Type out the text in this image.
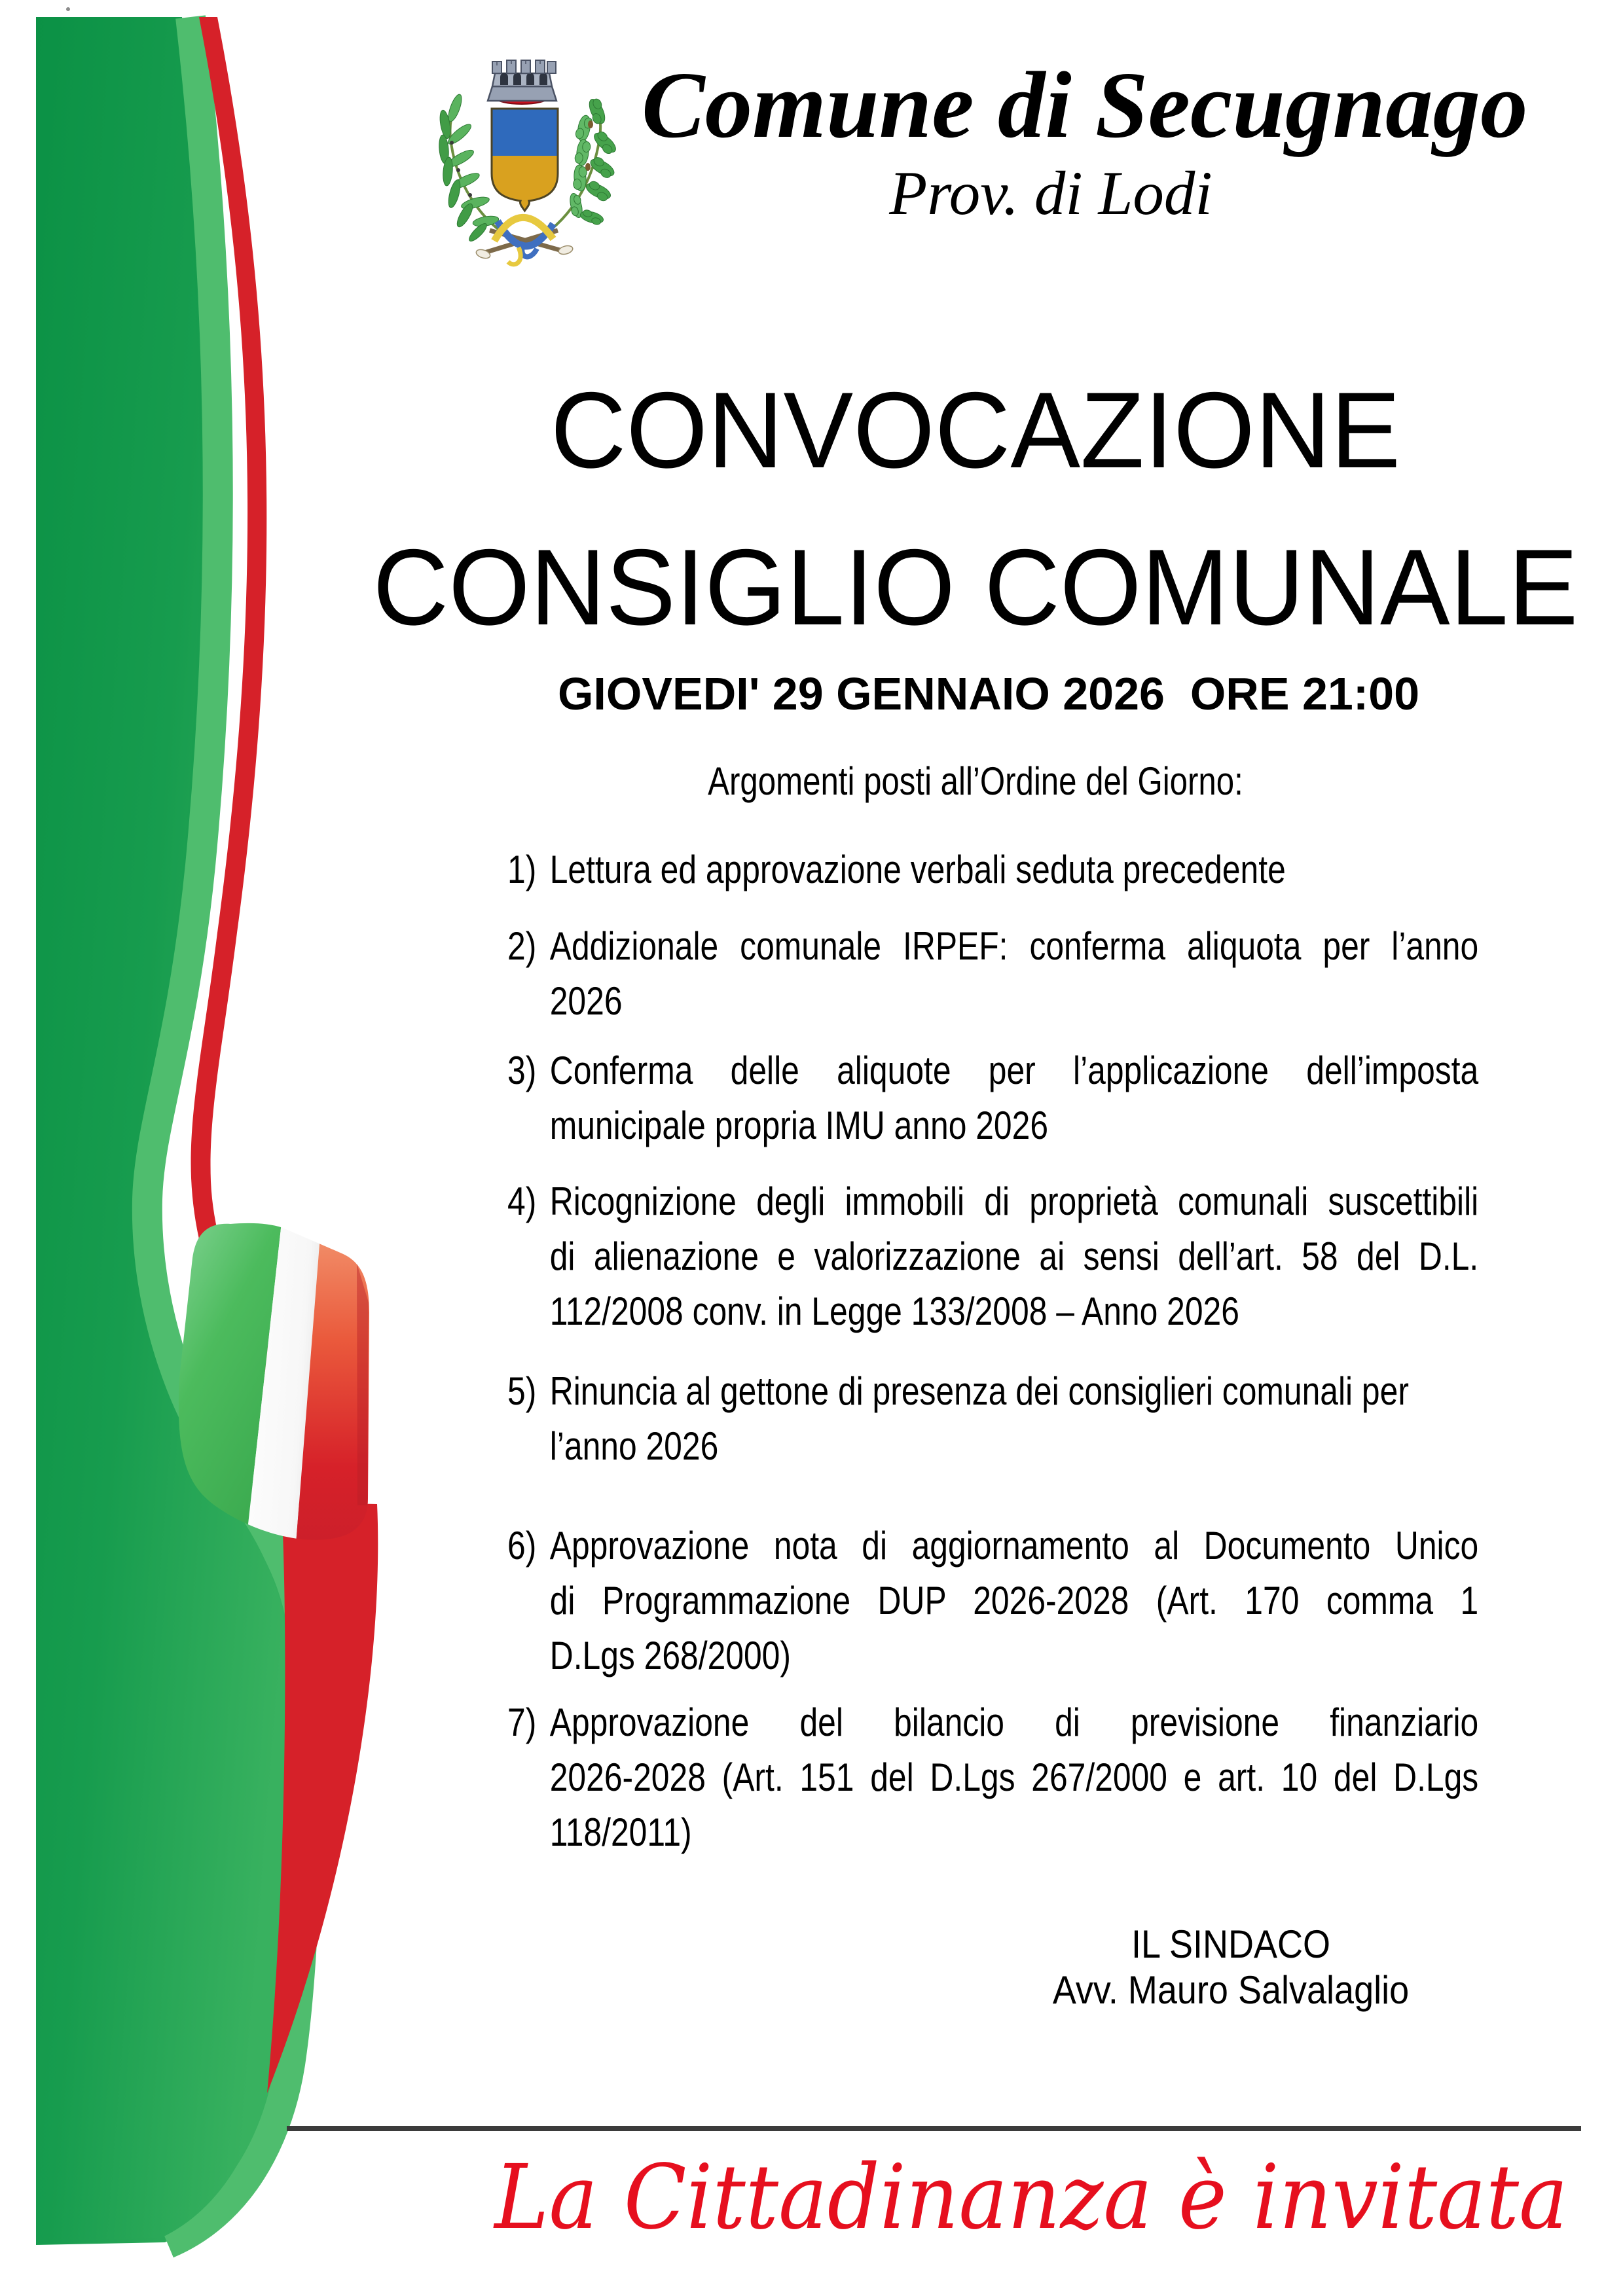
Comune di Secugnago
Prov. di Lodi
CONVOCAZIONE
CONSIGLIO COMUNALE
GIOVEDI' 29 GENNAIO 2026  ORE 21:00
Argomenti posti all’Ordine del Giorno:
1) Lettura ed approvazione verbali seduta precedente
2) Addizionale comunale IRPEF: conferma aliquota per l’anno
2026
3) Conferma delle aliquote per l’applicazione dell’imposta
municipale propria IMU anno 2026
4) Ricognizione degli immobili di proprietà comunali suscettibili
di alienazione e valorizzazione ai sensi dell’art. 58 del D.L.
112/2008 conv. in Legge 133/2008 – Anno 2026
5) Rinuncia al gettone di presenza dei consiglieri comunali per
l’anno 2026
6) Approvazione nota di aggiornamento al Documento Unico
di Programmazione DUP 2026-2028 (Art. 170 comma 1
D.Lgs 268/2000)
7) Approvazione del bilancio di previsione finanziario
2026-2028 (Art. 151 del D.Lgs 267/2000 e art. 10 del D.Lgs
118/2011)
IL SINDACO
Avv. Mauro Salvalaglio
La Cittadinanza è invitata
